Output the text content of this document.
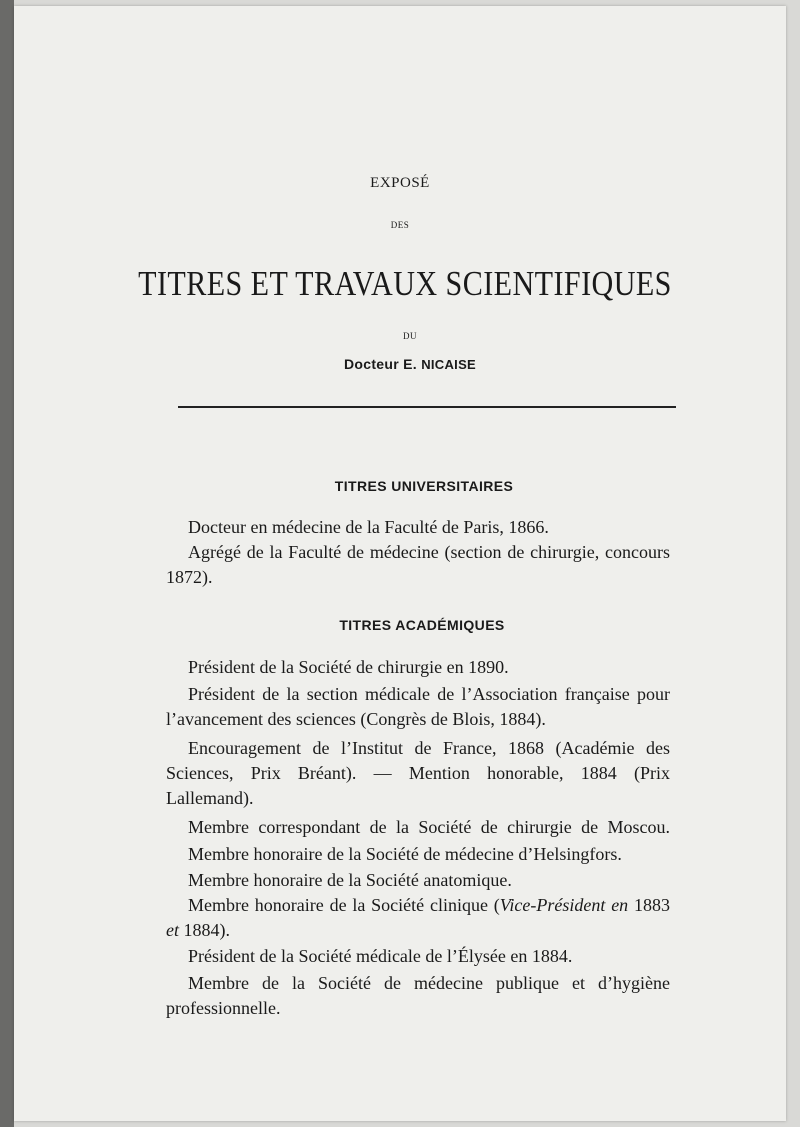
EXPOSÉ
DES
TITRES ET TRAVAUX SCIENTIFIQUES
DU
Docteur E. NICAISE
TITRES UNIVERSITAIRES
Docteur en médecine de la Faculté de Paris, 1866.
Agrégé de la Faculté de médecine (section de chirurgie, concours 1872).
TITRES ACADÉMIQUES
Président de la Société de chirurgie en 1890.
Président de la section médicale de l’Association française pour l’avancement des sciences (Congrès de Blois, 1884).
Encouragement de l’Institut de France, 1868 (Académie des Sciences, Prix Bréant). — Mention honorable, 1884 (Prix Lallemand).
Membre correspondant de la Société de chirurgie de Moscou.
Membre honoraire de la Société de médecine d’Helsingfors.
Membre honoraire de la Société anatomique.
Membre honoraire de la Société clinique (Vice-Président en 1883 et 1884).
Président de la Société médicale de l’Élysée en 1884.
Membre de la Société de médecine publique et d’hygiène professionnelle.
